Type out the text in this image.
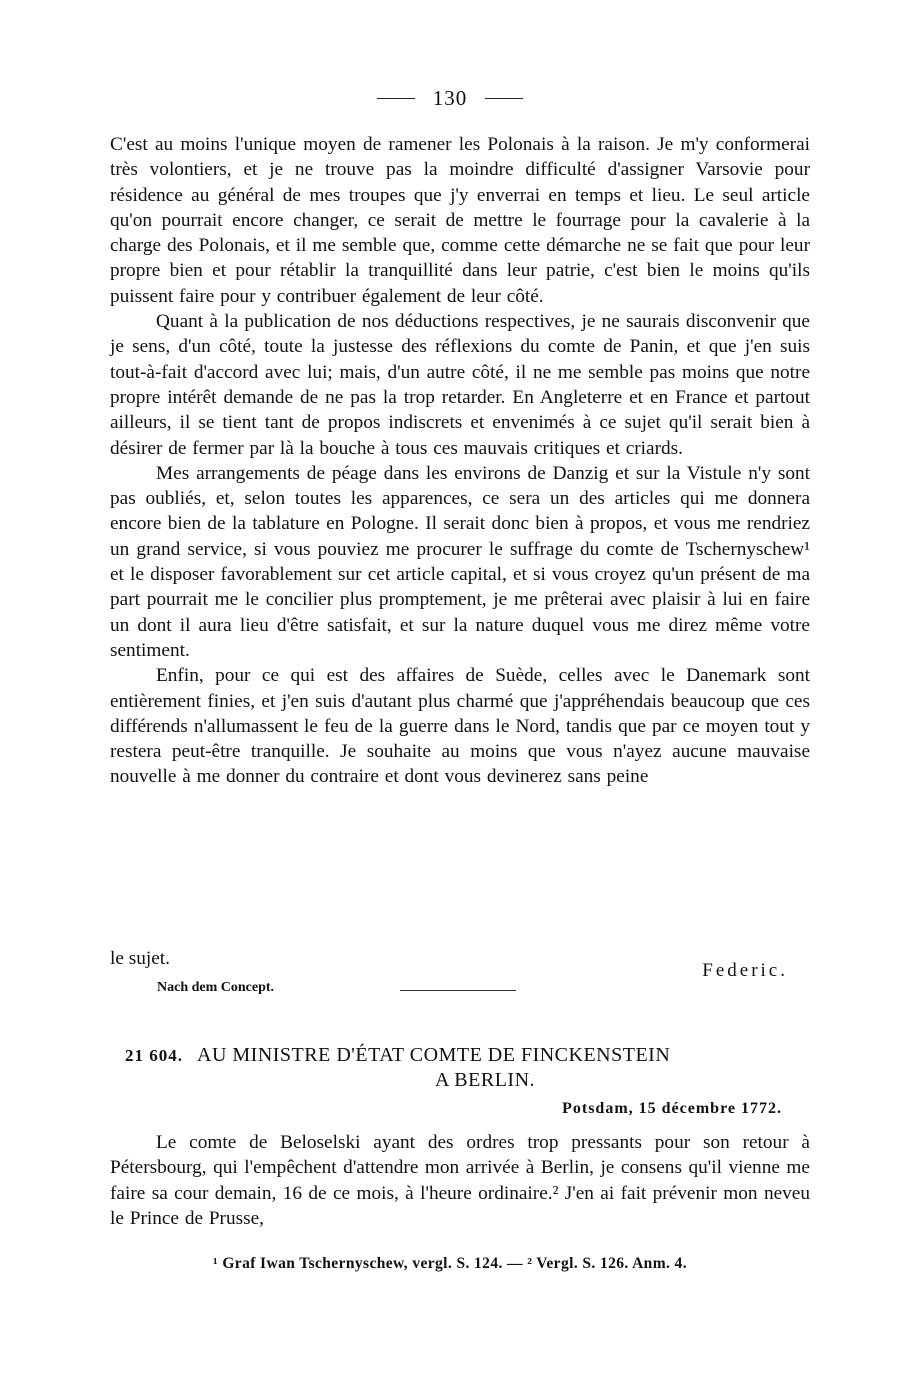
130

C'est au moins l'unique moyen de ramener les Polonais à la raison. Je m'y conformerai très volontiers, et je ne trouve pas la moindre difficulté d'assigner Varsovie pour résidence au général de mes troupes que j'y enverrai en temps et lieu. Le seul article qu'on pourrait encore changer, ce serait de mettre le fourrage pour la cavalerie à la charge des Polonais, et il me semble que, comme cette démarche ne se fait que pour leur propre bien et pour rétablir la tranquillité dans leur patrie, c'est bien le moins qu'ils puissent faire pour y contribuer également de leur côté.

Quant à la publication de nos déductions respectives, je ne saurais disconvenir que je sens, d'un côté, toute la justesse des réflexions du comte de Panin, et que j'en suis tout-à-fait d'accord avec lui; mais, d'un autre côté, il ne me semble pas moins que notre propre intérêt demande de ne pas la trop retarder. En Angleterre et en France et partout ailleurs, il se tient tant de propos indiscrets et envenimés à ce sujet qu'il serait bien à désirer de fermer par là la bouche à tous ces mauvais critiques et criards.

Mes arrangements de péage dans les environs de Danzig et sur la Vistule n'y sont pas oubliés, et, selon toutes les apparences, ce sera un des articles qui me donnera encore bien de la tablature en Pologne. Il serait donc bien à propos, et vous me rendriez un grand service, si vous pouviez me procurer le suffrage du comte de Tschernyschew¹ et le disposer favorablement sur cet article capital, et si vous croyez qu'un présent de ma part pourrait me le concilier plus promptement, je me prêterai avec plaisir à lui en faire un dont il aura lieu d'être satisfait, et sur la nature duquel vous me direz même votre sentiment.

Enfin, pour ce qui est des affaires de Suède, celles avec le Danemark sont entièrement finies, et j'en suis d'autant plus charmé que j'appréhendais beaucoup que ces différends n'allumassent le feu de la guerre dans le Nord, tandis que par ce moyen tout y restera peut-être tranquille. Je souhaite au moins que vous n'ayez aucune mauvaise nouvelle à me donner du contraire et dont vous devinerez sans peine

le sujet.
Federic.
Nach dem Concept.
21 604. AU MINISTRE D'ÉTAT COMTE DE FINCKENSTEIN
A BERLIN.
Potsdam, 15 décembre 1772.

Le comte de Beloselski ayant des ordres trop pressants pour son retour à Pétersbourg, qui l'empêchent d'attendre mon arrivée à Berlin, je consens qu'il vienne me faire sa cour demain, 16 de ce mois, à l'heure ordinaire.² J'en ai fait prévenir mon neveu le Prince de Prusse,

¹ Graf Iwan Tschernyschew, vergl. S. 124. — ² Vergl. S. 126. Anm. 4.
